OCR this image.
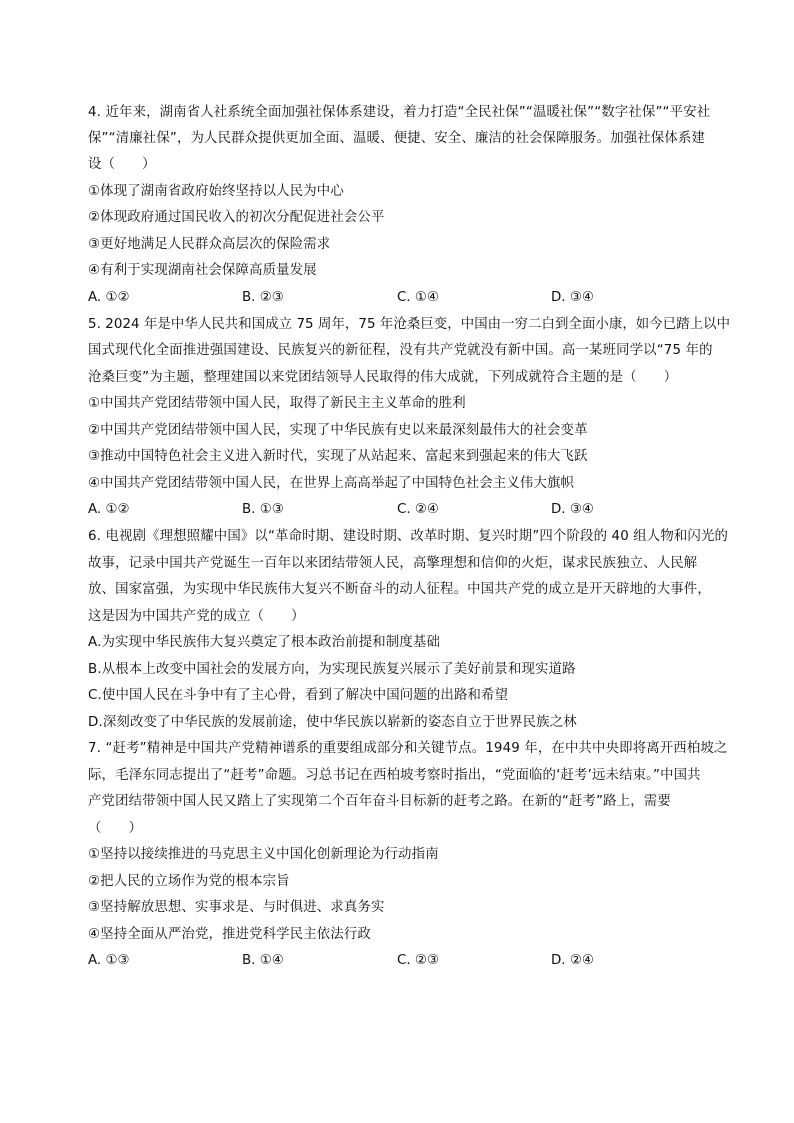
4. 近年来，湖南省人社系统全面加强社保体系建设，着力打造“全民社保”“温暖社保”“数字社保”“平安社
保”“清廉社保”，为人民群众提供更加全面、温暖、便捷、安全、廉洁的社会保障服务。加强社保体系建
设（　　）
①体现了湖南省政府始终坚持以人民为中心
②体现政府通过国民收入的初次分配促进社会公平
③更好地满足人民群众高层次的保险需求
④有利于实现湖南社会保障高质量发展
A. ①②	B. ②③	C. ①④	D. ③④
5. 2024 年是中华人民共和国成立 75 周年，75 年沧桑巨变，中国由一穷二白到全面小康，如今已踏上以中
国式现代化全面推进强国建设、民族复兴的新征程，没有共产党就没有新中国。高一某班同学以“75 年的
沧桑巨变”为主题，整理建国以来党团结领导人民取得的伟大成就，下列成就符合主题的是（　　）
①中国共产党团结带领中国人民，取得了新民主主义革命的胜利
②中国共产党团结带领中国人民，实现了中华民族有史以来最深刻最伟大的社会变革
③推动中国特色社会主义进入新时代，实现了从站起来、富起来到强起来的伟大飞跃
④中国共产党团结带领中国人民，在世界上高高举起了中国特色社会主义伟大旗帜
A. ①②	B. ①③	C. ②④	D. ③④
6. 电视剧《理想照耀中国》以“革命时期、建设时期、改革时期、复兴时期”四个阶段的 40 组人物和闪光的
故事，记录中国共产党诞生一百年以来团结带领人民，高擎理想和信仰的火炬，谋求民族独立、人民解
放、国家富强，为实现中华民族伟大复兴不断奋斗的动人征程。中国共产党的成立是开天辟地的大事件，
这是因为中国共产党的成立（　　）
A.为实现中华民族伟大复兴奠定了根本政治前提和制度基础
B.从根本上改变中国社会的发展方向，为实现民族复兴展示了美好前景和现实道路
C.使中国人民在斗争中有了主心骨，看到了解决中国问题的出路和希望
D.深刻改变了中华民族的发展前途，使中华民族以崭新的姿态自立于世界民族之林
7. “赶考”精神是中国共产党精神谱系的重要组成部分和关键节点。1949 年，在中共中央即将离开西柏坡之
际，毛泽东同志提出了“赶考”命题。习总书记在西柏坡考察时指出，“党面临的‘赶考’远未结束。”中国共
产党团结带领中国人民又踏上了实现第二个百年奋斗目标新的赶考之路。在新的“赶考”路上，需要
（　　）
①坚持以接续推进的马克思主义中国化创新理论为行动指南
②把人民的立场作为党的根本宗旨
③坚持解放思想、实事求是、与时俱进、求真务实
④坚持全面从严治党，推进党科学民主依法行政
A. ①③	B. ①④	C. ②③	D. ②④
